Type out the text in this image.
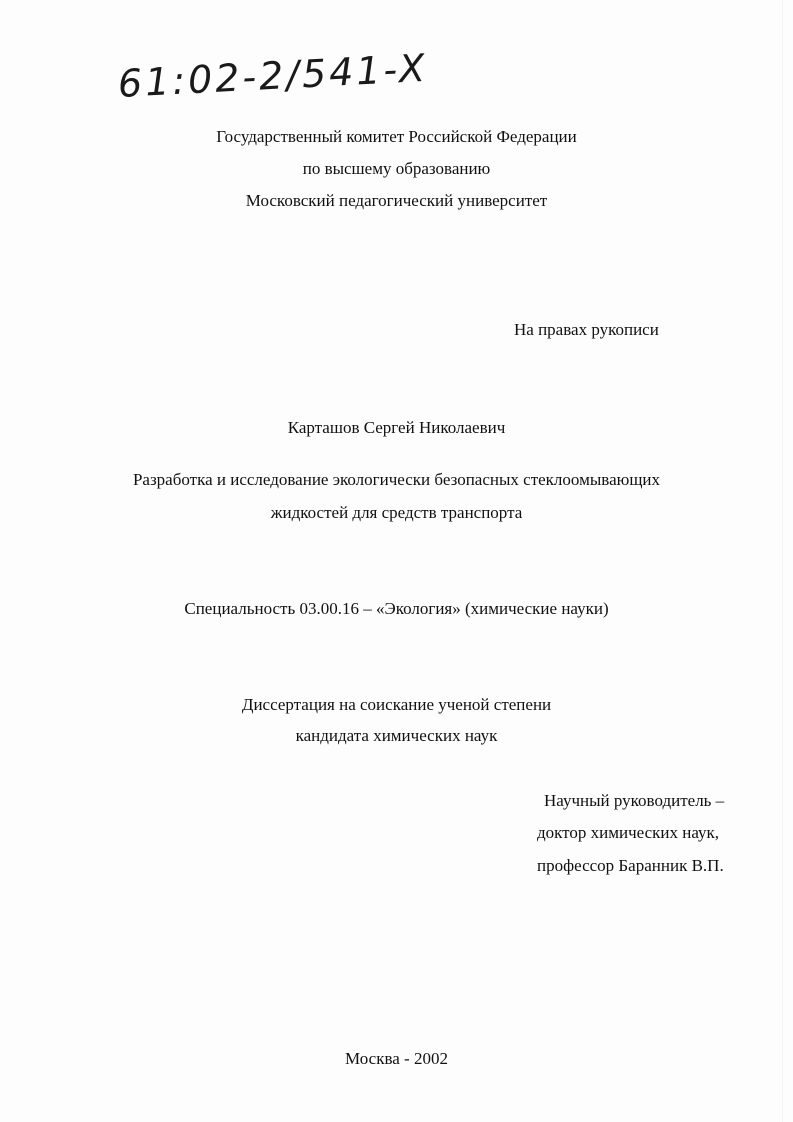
61:02-2/541-X
Государственный комитет Российской Федерации
по высшему образованию
Московский педагогический университет
На правах рукописи
Карташов Сергей Николаевич
Разработка и исследование экологически безопасных стеклоомывающих
жидкостей для средств транспорта
Специальность 03.00.16 – «Экология» (химические науки)
Диссертация на соискание ученой степени
кандидата химических наук
Научный руководитель –
доктор химических наук,
профессор Баранник В.П.
Москва - 2002
